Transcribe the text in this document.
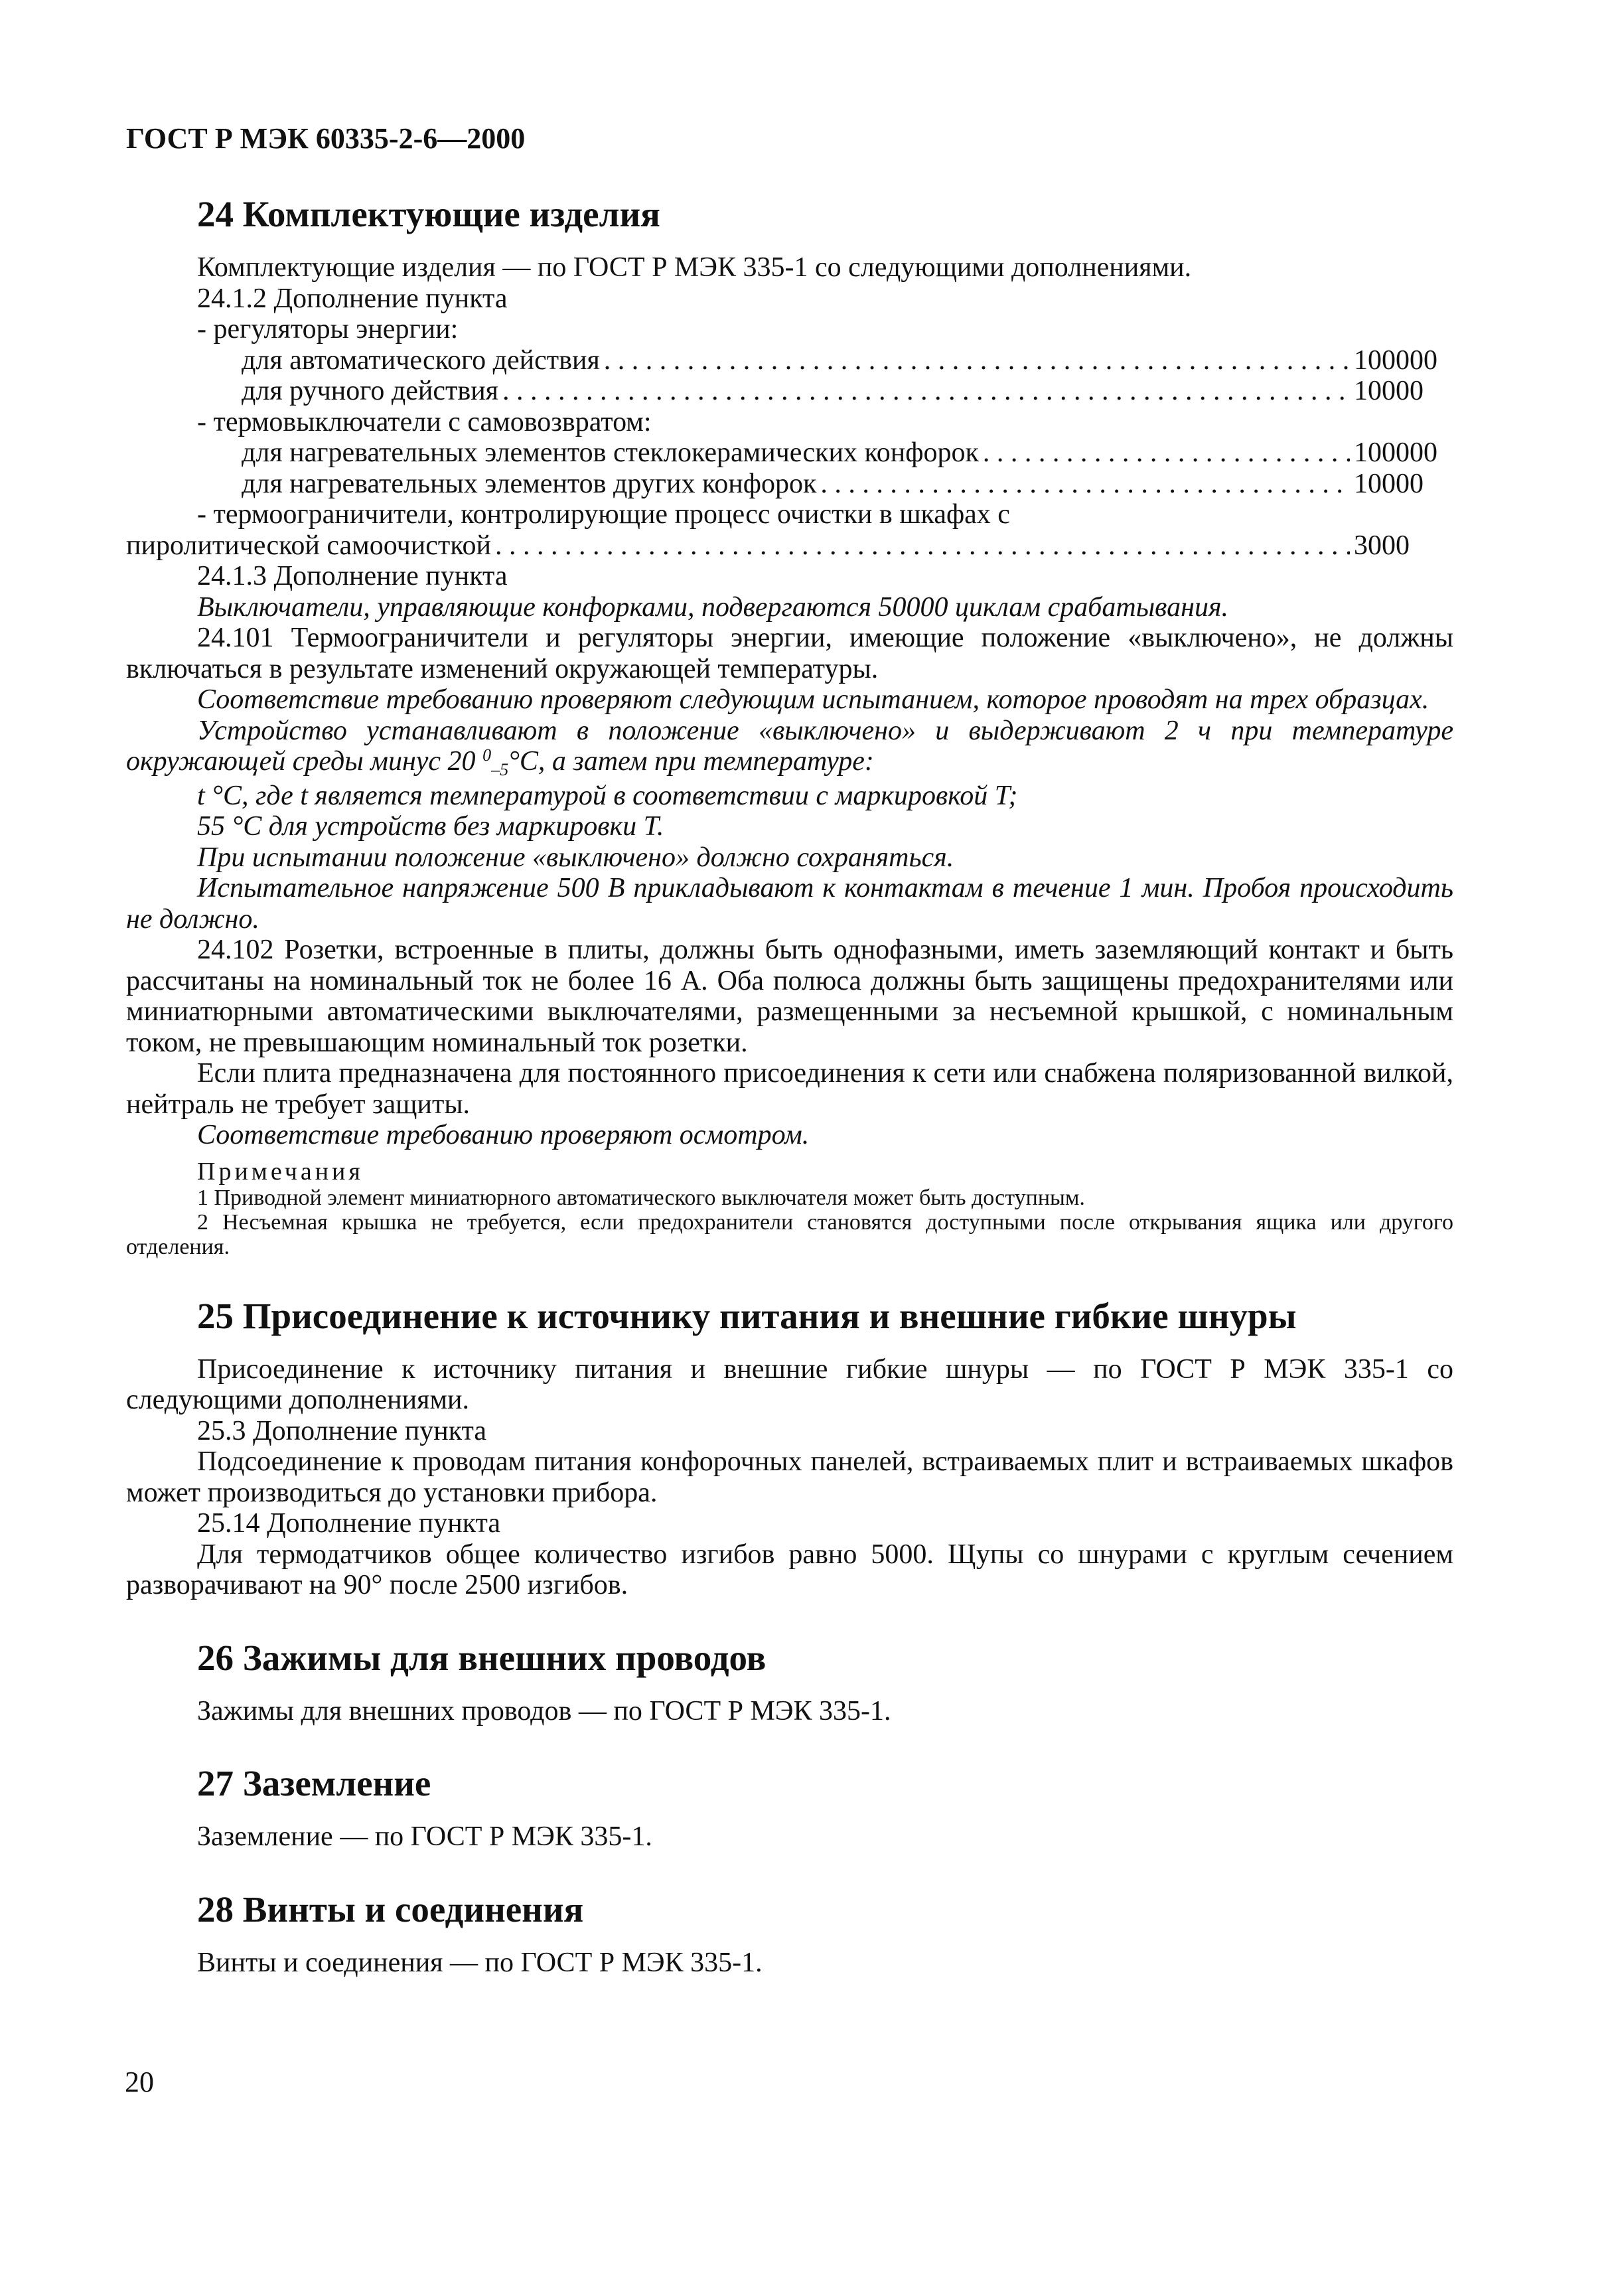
ГОСТ Р МЭК 60335-2-6—2000
24 Комплектующие изделия

Комплектующие изделия — по ГОСТ Р МЭК 335-1 со следующими дополнениями.

24.1.2 Дополнение пункта

- регуляторы энергии:

для автоматического действия . . .	100000
для ручного действия . . .	10000

- термовыключатели с самовозвратом:

для нагревательных элементов стеклокерамических конфорок . . .	100000
для нагревательных элементов других конфорок . . .	10000

- термоограничители, контролирующие процесс очистки в шкафах с

пиролитической самоочисткой . . .	3000

24.1.3 Дополнение пункта

Выключатели, управляющие конфорками, подвергаются 50000 циклам срабатывания.

24.101 Термоограничители и регуляторы энергии, имеющие положение «выключено», не должны включаться в результате изменений окружающей температуры.

Соответствие требованию проверяют следующим испытанием, которое проводят на трех образцах.

Устройство устанавливают в положение «выключено» и выдерживают 2 ч при температуре окружающей среды минус 20 $^0$–5°С, а затем при температуре:

t °С, где t является температурой в соответствии с маркировкой T;

55 °С для устройств без маркировки T.

При испытании положение «выключено» должно сохраняться.

Испытательное напряжение 500 В прикладывают к контактам в течение 1 мин. Пробоя происходить не должно.

24.102 Розетки, встроенные в плиты, должны быть однофазными, иметь заземляющий контакт и быть рассчитаны на номинальный ток не более 16 А. Оба полюса должны быть защищены предохранителями или миниатюрными автоматическими выключателями, размещенными за несъемной крышкой, с номинальным током, не превышающим номинальный ток розетки.

Если плита предназначена для постоянного присоединения к сети или снабжена поляризованной вилкой, нейтраль не требует защиты.

Соответствие требованию проверяют осмотром.

Примечания

1 Приводной элемент миниатюрного автоматического выключателя может быть доступным.

2 Несъемная крышка не требуется, если предохранители становятся доступными после открывания ящика или другого отделения.

25 Присоединение к источнику питания и внешние гибкие шнуры

Присоединение к источнику питания и внешние гибкие шнуры — по ГОСТ Р МЭК 335-1 со следующими дополнениями.

25.3 Дополнение пункта

Подсоединение к проводам питания конфорочных панелей, встраиваемых плит и встраиваемых шкафов может производиться до установки прибора.

25.14 Дополнение пункта

Для термодатчиков общее количество изгибов равно 5000. Щупы со шнурами с круглым сечением разворачивают на 90° после 2500 изгибов.

26 Зажимы для внешних проводов

Зажимы для внешних проводов — по ГОСТ Р МЭК 335-1.

27 Заземление

Заземление — по ГОСТ Р МЭК 335-1.

28 Винты и соединения

Винты и соединения — по ГОСТ Р МЭК 335-1.

20
